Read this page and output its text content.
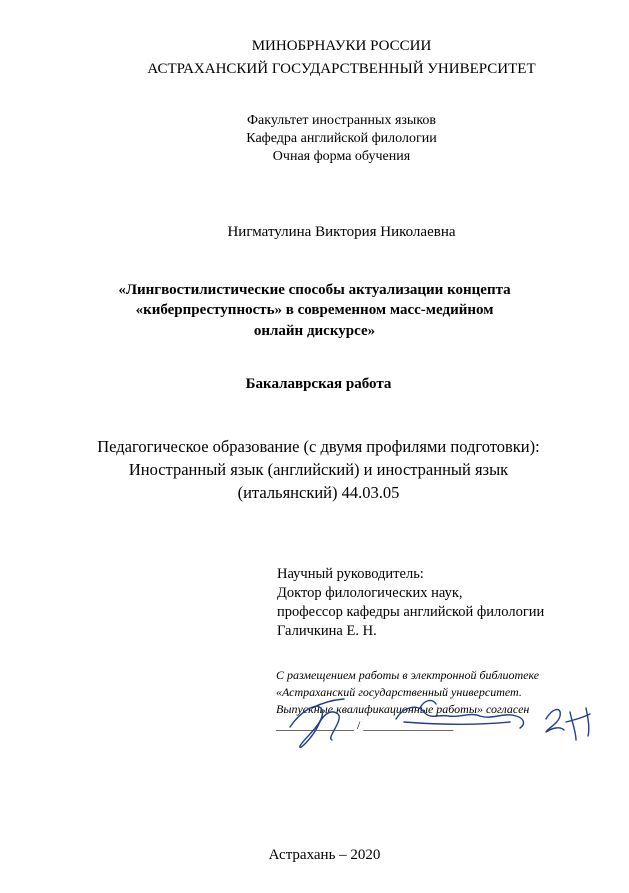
МИНОБРНАУКИ РОССИИ
АСТРАХАНСКИЙ ГОСУДАРСТВЕННЫЙ УНИВЕРСИТЕТ
Факультет иностранных языков
Кафедра английской филологии
Очная форма обучения
Нигматулина Виктория Николаевна
«Лингвостилистические способы актуализации концепта
«киберпреступность» в современном масс-медийном
онлайн дискурсе»
Бакалаврская работа
Педагогическое образование (с двумя профилями подготовки):
Иностранный язык (английский) и иностранный язык
(итальянский) 44.03.05
Научный руководитель:
Доктор филологических наук,
профессор кафедры английской филологии
Галичкина Е. Н.
С размещением работы в электронной библиотеке
«Астраханский государственный университет.
Выпускные квалификационные работы» согласен
_____________ / _______________
Астрахань – 2020
